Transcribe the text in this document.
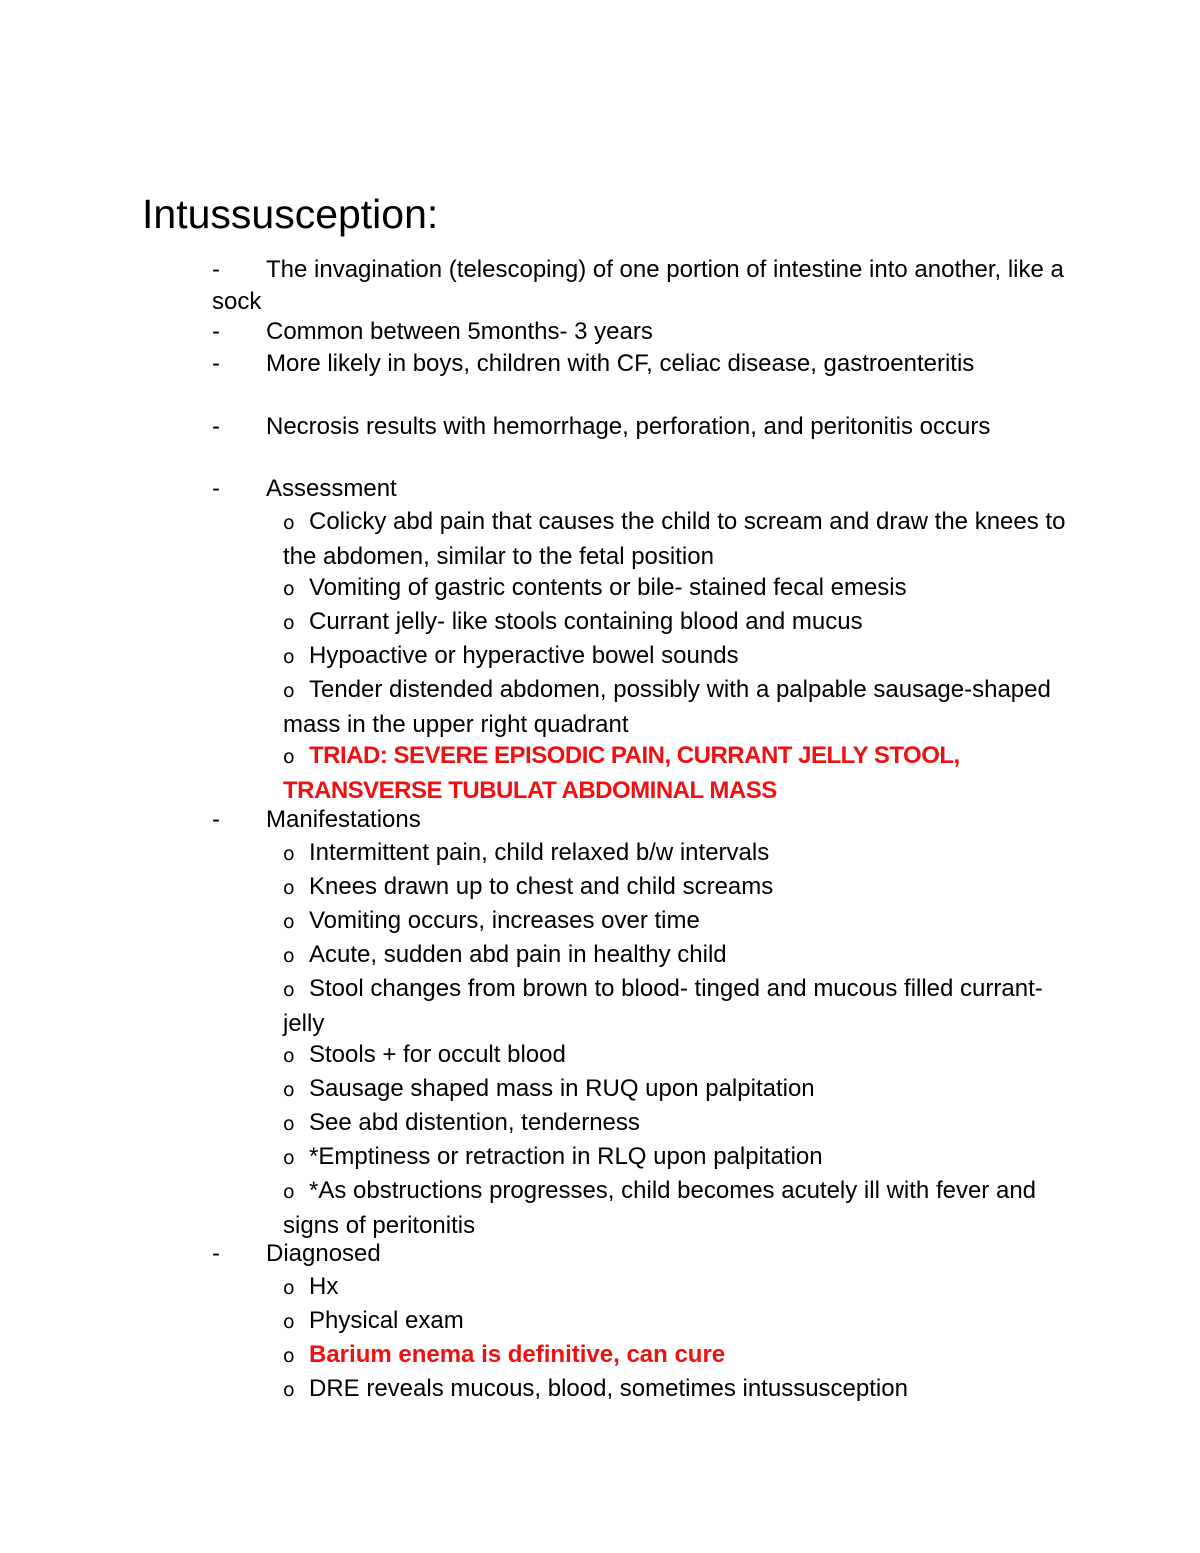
Intussusception:
- The invagination (telescoping) of one portion of intestine into another, like a sock
- Common between 5months- 3 years
- More likely in boys, children with CF, celiac disease, gastroenteritis
- Necrosis results with hemorrhage, perforation, and peritonitis occurs
- Assessment
o Colicky abd pain that causes the child to scream and draw the knees to the abdomen, similar to the fetal position
o Vomiting of gastric contents or bile- stained fecal emesis
o Currant jelly- like stools containing blood and mucus
o Hypoactive or hyperactive bowel sounds
o Tender distended abdomen, possibly with a palpable sausage-shaped mass in the upper right quadrant
o TRIAD: SEVERE EPISODIC PAIN, CURRANT JELLY STOOL, TRANSVERSE TUBULAT ABDOMINAL MASS
- Manifestations
o Intermittent pain, child relaxed b/w intervals
o Knees drawn up to chest and child screams
o Vomiting occurs, increases over time
o Acute, sudden abd pain in healthy child
o Stool changes from brown to blood- tinged and mucous filled currant- jelly
o Stools + for occult blood
o Sausage shaped mass in RUQ upon palpitation
o See abd distention, tenderness
o *Emptiness or retraction in RLQ upon palpitation
o *As obstructions progresses, child becomes acutely ill with fever and signs of peritonitis
- Diagnosed
o Hx
o Physical exam
o Barium enema is definitive, can cure
o DRE reveals mucous, blood, sometimes intussusception
